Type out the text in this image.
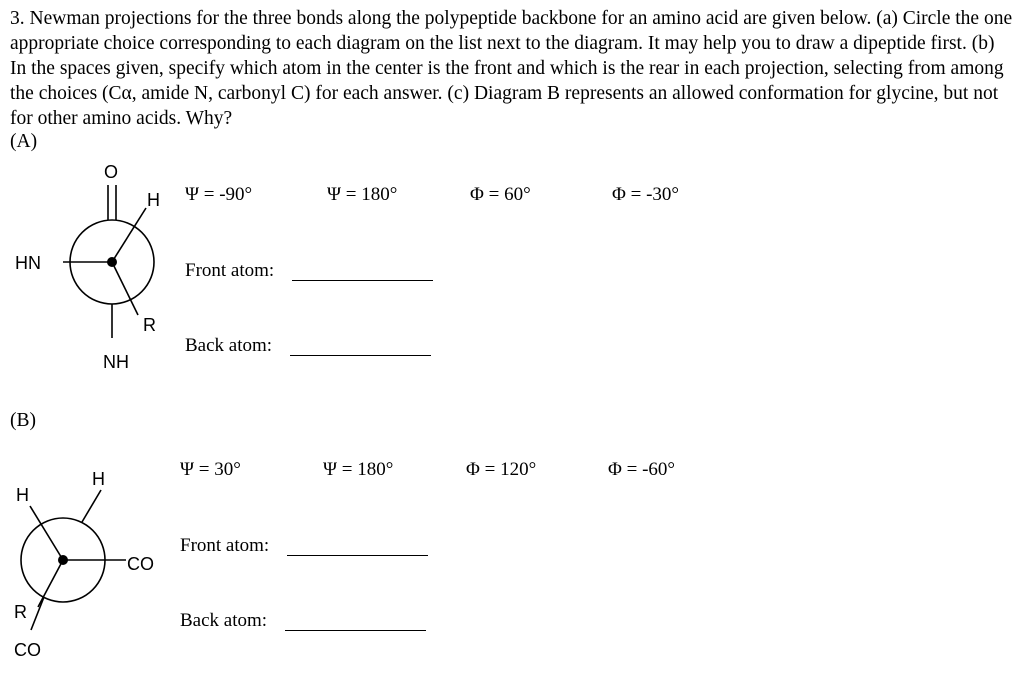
3. Newman projections for the three bonds along the polypeptide backbone for an amino acid are given below. (a) Circle the one appropriate choice corresponding to each diagram on the list next to the diagram. It may help you to draw a dipeptide first. (b) In the spaces given, specify which atom in the center is the front and which is the rear in each projection, selecting from among the choices (Cα, amide N, carbonyl C) for each answer. (c) Diagram B represents an allowed conformation for glycine, but not for other amino acids. Why?

(A)
O
H
HN
R
NH
H
H
CO
R
CO
Ψ = -90°	Ψ = 180°	Φ = 60°	Φ = -30°
Front atom:
Back atom:
(B)
Ψ = 30°	Ψ = 180°	Φ = 120°	Φ = -60°
Front atom:
Back atom:
